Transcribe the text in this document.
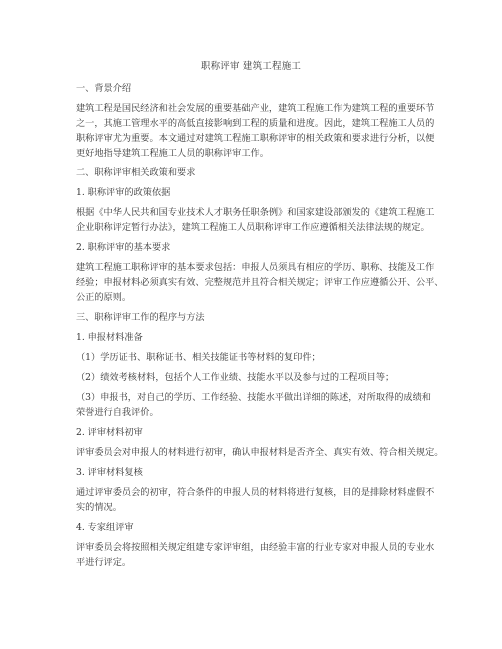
职称评审 建筑工程施工
一、背景介绍
建筑工程是国民经济和社会发展的重要基础产业，建筑工程施工作为建筑工程的重要环节
之一，其施工管理水平的高低直接影响到工程的质量和进度。因此，建筑工程施工人员的
职称评审尤为重要。本文通过对建筑工程施工职称评审的相关政策和要求进行分析，以便
更好地指导建筑工程施工人员的职称评审工作。
二、职称评审相关政策和要求
1. 职称评审的政策依据
根据《中华人民共和国专业技术人才职务任职条例》和国家建设部颁发的《建筑工程施工
企业职称评定暂行办法》，建筑工程施工人员职称评审工作应遵循相关法律法规的规定。
2. 职称评审的基本要求
建筑工程施工职称评审的基本要求包括：申报人员须具有相应的学历、职称、技能及工作
经验；申报材料必须真实有效、完整规范并且符合相关规定；评审工作应遵循公开、公平、
公正的原则。
三、职称评审工作的程序与方法
1. 申报材料准备
（1）学历证书、职称证书、相关技能证书等材料的复印件；
（2）绩效考核材料，包括个人工作业绩、技能水平以及参与过的工程项目等；
（3）申报书，对自己的学历、工作经验、技能水平做出详细的陈述，对所取得的成绩和
荣誉进行自我评价。
2. 评审材料初审
评审委员会对申报人的材料进行初审，确认申报材料是否齐全、真实有效、符合相关规定。
3. 评审材料复核
通过评审委员会的初审，符合条件的申报人员的材料将进行复核，目的是排除材料虚假不
实的情况。
4. 专家组评审
评审委员会将按照相关规定组建专家评审组，由经验丰富的行业专家对申报人员的专业水
平进行评定。
